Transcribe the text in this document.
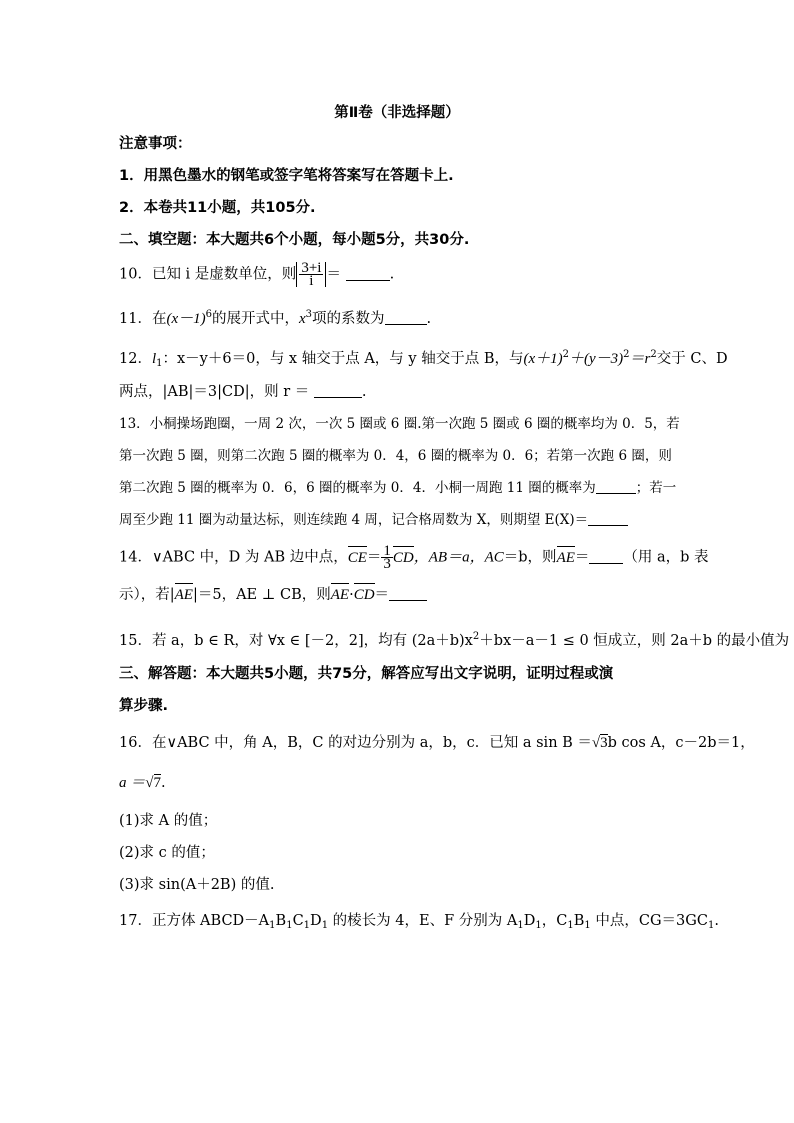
第Ⅱ卷（非选择题）
注意事项：
1．用黑色墨水的钢笔或签字笔将答案写在答题卡上.
2．本卷共11小题，共105分.
二、填空题：本大题共6个小题，每小题5分，共30分.
10．已知 i 是虚数单位，则 $\frac{3+i}{i}$ ＝	.
11．在$(x-1)^6$的展开式中，$x^3$项的系数为	.
12．$l_1$：x－y＋6＝0，与 x 轴交于点 A，与 y 轴交于点 B，与$(x+1)^2+(y-3)^2=r^2$交于 C、D
两点，|AB|＝3|CD|，则 r ＝	.
13．小桐操场跑圈，一周 2 次，一次 5 圈或 6 圈.第一次跑 5 圈或 6 圈的概率均为 0．5，若
第一次跑 5 圈，则第二次跑 5 圈的概率为 0．4，6 圈的概率为 0．6；若第一次跑 6 圈，则
第二次跑 5 圈的概率为 0．6，6 圈的概率为 0．4．小桐一周跑 11 圈的概率为	；若一
周至少跑 11 圈为动量达标，则连续跑 4 周，记合格周数为 X，则期望 E(X)＝
14．∨ABC 中，D 为 AB 边中点，$CE= \frac{1}{3}$ CD，AB＝a，AC＝b，则AE＝ （用 a，b 表
示），若|AE|＝5，AE ⊥ CB，则AE·CD＝
15．若 a，b ∈ R，对 ∀x ∈ [－2，2]，均有 $(2a+b)x^2+bx-a-1 \le 0$ 恒成立，则 2a＋b 的最小值为
三、解答题：本大题共5小题，共75分，解答应写出文字说明，证明过程或演
算步骤.
16．在∨ABC 中，角 A，B，C 的对边分别为 a，b，c．已知 a sin B ＝√3b cos A，c－2b＝1，
a ＝√7.
(1)求 A 的值；
(2)求 c 的值；
(3)求 sin(A＋2B) 的值.
17．正方体 $ABCD-A_1B_1C_1D_1$ 的棱长为 4，E、F 分别为 $A_1D_1$，$C_1B_1$ 中点，$CG=3GC_1$.
